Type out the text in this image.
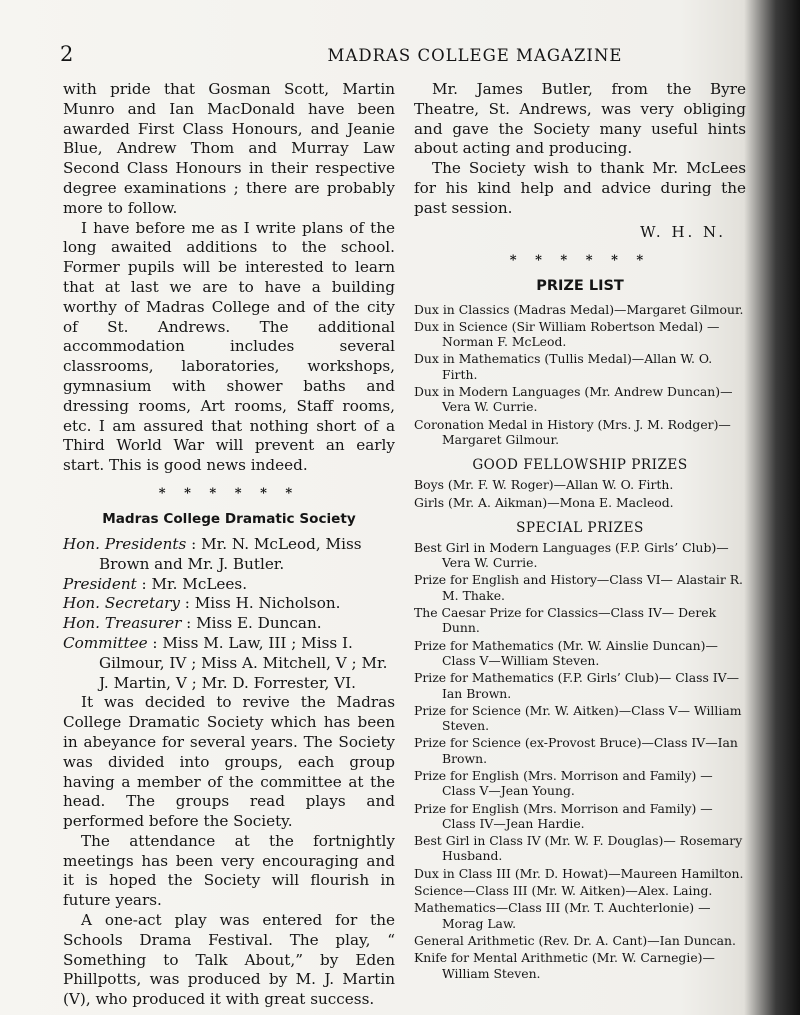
2	MADRAS COLLEGE MAGAZINE

with pride that Gosman Scott, Martin Munro and Ian MacDonald have been awarded First Class Honours, and Jeanie Blue, Andrew Thom and Murray Law Second Class Honours in their respective degree examinations ; there are probably more to follow.

I have before me as I write plans of the long awaited additions to the school. Former pupils will be interested to learn that at last we are to have a building worthy of Madras College and of the city of St. Andrews. The additional accommodation includes several classrooms, laboratories, workshops, gymnasium with shower baths and dressing rooms, Art rooms, Staff rooms, etc. I am assured that nothing short of a Third World War will prevent an early start. This is good news indeed.

* * * * * *
Madras College Dramatic Society
Hon. Presidents : Mr. N. McLeod, Miss Brown and Mr. J. Butler.
President : Mr. McLees.
Hon. Secretary : Miss H. Nicholson.
Hon. Treasurer : Miss E. Duncan.
Committee : Miss M. Law, III ; Miss I. Gilmour, IV ; Miss A. Mitchell, V ; Mr. J. Martin, V ; Mr. D. Forrester, VI.

It was decided to revive the Madras College Dramatic Society which has been in abeyance for several years. The Society was divided into groups, each group having a member of the committee at the head. The groups read plays and performed before the Society.

The attendance at the fortnightly meetings has been very encouraging and it is hoped the Society will flourish in future years.

A one-act play was entered for the Schools Drama Festival. The play, “ Something to Talk About,” by Eden Phillpotts, was produced by M. J. Martin (V), who produced it with great success.

Mr. James Butler, from the Byre Theatre, St. Andrews, was very obliging and gave the Society many useful hints about acting and producing.

The Society wish to thank Mr. McLees for his kind help and advice during the past session.

W. H. N.
* * * * * *
PRIZE LIST
Dux in Classics (Madras Medal)—Margaret Gilmour.
Dux in Science (Sir William Robertson Medal) —Norman F. McLeod.
Dux in Mathematics (Tullis Medal)—Allan W. O. Firth.
Dux in Modern Languages (Mr. Andrew Duncan)—Vera W. Currie.
Coronation Medal in History (Mrs. J. M. Rodger)—Margaret Gilmour.
GOOD FELLOWSHIP PRIZES
Boys (Mr. F. W. Roger)—Allan W. O. Firth.
Girls (Mr. A. Aikman)—Mona E. Macleod.
SPECIAL PRIZES
Best Girl in Modern Languages (F.P. Girls’ Club)—Vera W. Currie.
Prize for English and History—Class VI— Alastair R. M. Thake.
The Caesar Prize for Classics—Class IV— Derek Dunn.
Prize for Mathematics (Mr. W. Ainslie Duncan)—Class V—William Steven.
Prize for Mathematics (F.P. Girls’ Club)— Class IV—Ian Brown.
Prize for Science (Mr. W. Aitken)—Class V— William Steven.
Prize for Science (ex-Provost Bruce)—Class IV—Ian Brown.
Prize for English (Mrs. Morrison and Family) —Class V—Jean Young.
Prize for English (Mrs. Morrison and Family) —Class IV—Jean Hardie.
Best Girl in Class IV (Mr. W. F. Douglas)— Rosemary Husband.
Dux in Class III (Mr. D. Howat)—Maureen Hamilton.
Science—Class III (Mr. W. Aitken)—Alex. Laing.
Mathematics—Class III (Mr. T. Auchterlonie) —Morag Law.
General Arithmetic (Rev. Dr. A. Cant)—Ian Duncan.
Knife for Mental Arithmetic (Mr. W. Carnegie)—William Steven.
